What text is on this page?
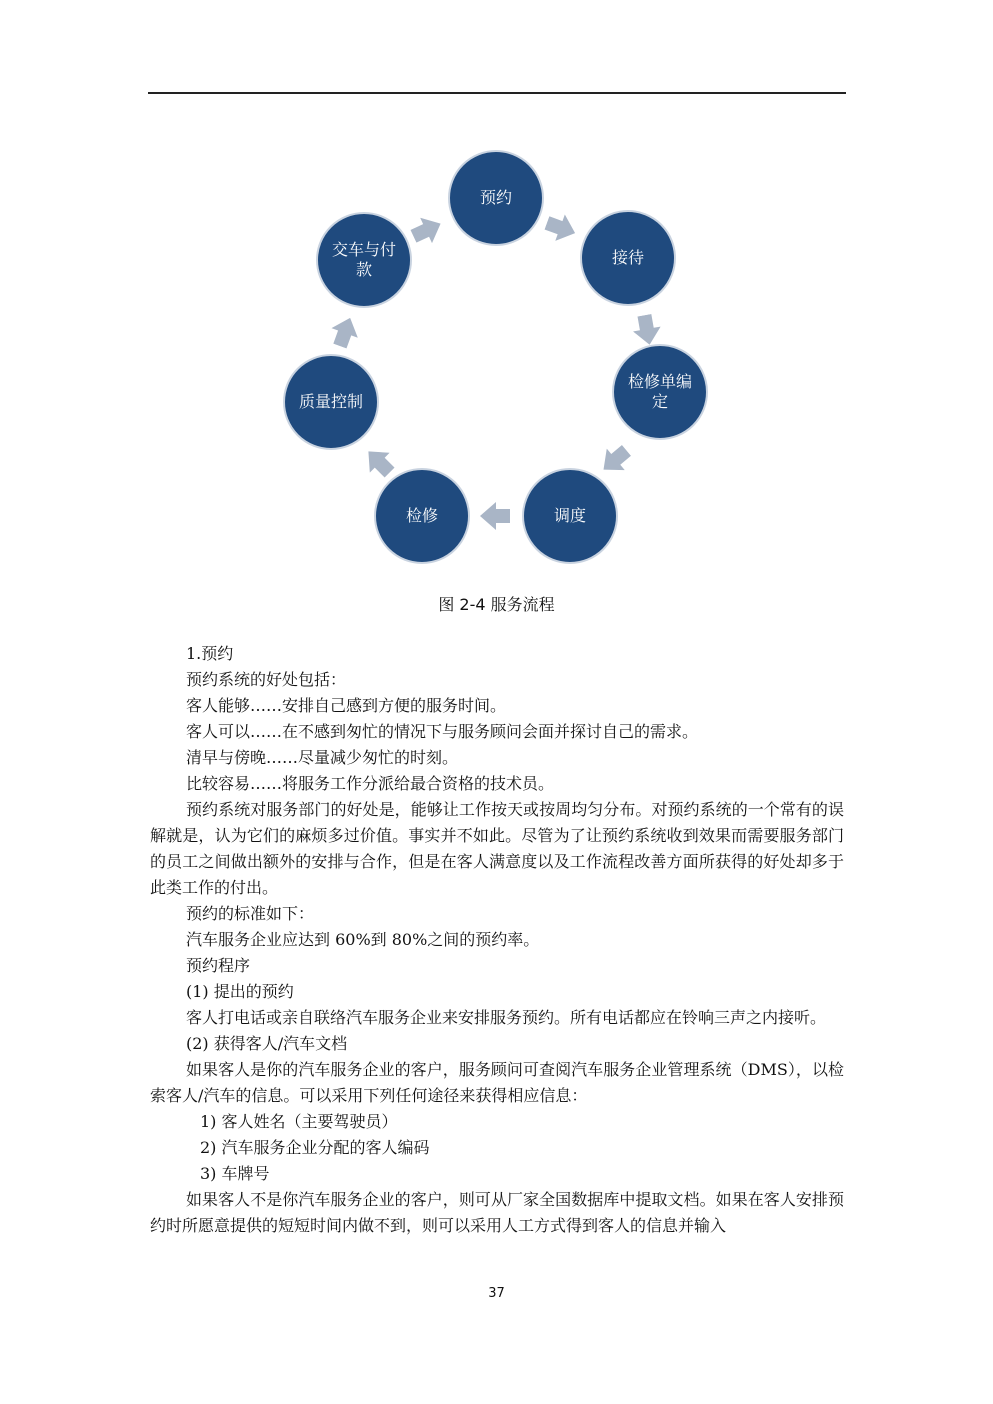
预约
接待
检修单编定
调度
检修
质量控制
交车与付款
图 2-4 服务流程

1.预约

预约系统的好处包括：

客人能够……安排自己感到方便的服务时间。

客人可以……在不感到匆忙的情况下与服务顾问会面并探讨自己的需求。

清早与傍晚……尽量减少匆忙的时刻。

比较容易……将服务工作分派给最合资格的技术员。

预约系统对服务部门的好处是，能够让工作按天或按周均匀分布。对预约系统的一个常有的误解就是，认为它们的麻烦多过价值。事实并不如此。尽管为了让预约系统收到效果而需要服务部门的员工之间做出额外的安排与合作，但是在客人满意度以及工作流程改善方面所获得的好处却多于此类工作的付出。

预约的标准如下：

汽车服务企业应达到 60%到 80%之间的预约率。

预约程序

(1) 提出的预约

客人打电话或亲自联络汽车服务企业来安排服务预约。所有电话都应在铃响三声之内接听。

(2) 获得客人/汽车文档

如果客人是你的汽车服务企业的客户，服务顾问可查阅汽车服务企业管理系统（DMS），以检索客人/汽车的信息。可以采用下列任何途径来获得相应信息：

1) 客人姓名（主要驾驶员）

2) 汽车服务企业分配的客人编码

3) 车牌号

如果客人不是你汽车服务企业的客户，则可从厂家全国数据库中提取文档。如果在客人安排预约时所愿意提供的短短时间内做不到，则可以采用人工方式得到客人的信息并输入

37
